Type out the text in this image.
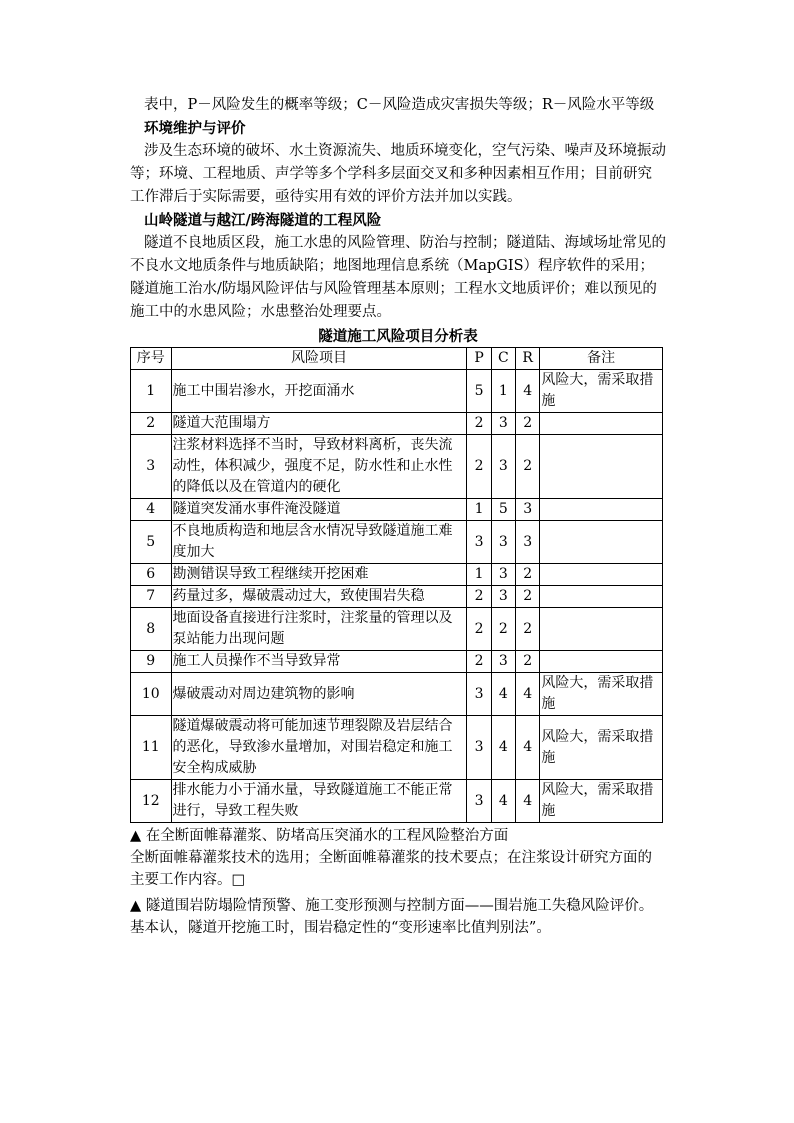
表中，P－风险发生的概率等级；C－风险造成灾害损失等级；R－风险水平等级

环境维护与评价

涉及生态环境的破坏、水土资源流失、地质环境变化，空气污染、噪声及环境振动等；环境、工程地质、声学等多个学科多层面交叉和多种因素相互作用；目前研究工作滞后于实际需要，亟待实用有效的评价方法并加以实践。

山岭隧道与越江/跨海隧道的工程风险

隧道不良地质区段，施工水患的风险管理、防治与控制；隧道陆、海域场址常见的不良水文地质条件与地质缺陷；地图地理信息系统（MapGIS）程序软件的采用；隧道施工治水/防塌风险评估与风险管理基本原则；工程水文地质评价；难以预见的施工中的水患风险；水患整治处理要点。

隧道施工风险项目分析表
序号	风险项目	P	C	R	备注
1	施工中围岩渗水，开挖面涌水	5	1	4	风险大，需采取措施
2	隧道大范围塌方	2	3	2	
3	注浆材料选择不当时，导致材料离析，丧失流动性，体积减少，强度不足，防水性和止水性的降低以及在管道内的硬化	2	3	2	
4	隧道突发涌水事件淹没隧道	1	5	3	
5	不良地质构造和地层含水情况导致隧道施工难度加大	3	3	3	
6	勘测错误导致工程继续开挖困难	1	3	2	
7	药量过多，爆破震动过大，致使围岩失稳	2	3	2	
8	地面设备直接进行注浆时，注浆量的管理以及泵站能力出现问题	2	2	2	
9	施工人员操作不当导致异常	2	3	2	
10	爆破震动对周边建筑物的影响	3	4	4	风险大，需采取措施
11	隧道爆破震动将可能加速节理裂隙及岩层结合的恶化，导致渗水量增加，对围岩稳定和施工安全构成威胁	3	4	4	风险大，需采取措施
12	排水能力小于涌水量，导致隧道施工不能正常进行，导致工程失败	3	4	4	风险大，需采取措施

▲ 在全断面帷幕灌浆、防堵高压突涌水的工程风险整治方面

全断面帷幕灌浆技术的选用；全断面帷幕灌浆的技术要点；在注浆设计研究方面的主要工作内容。□

▲ 隧道围岩防塌险情预警、施工变形预测与控制方面——围岩施工失稳风险评价。基本认，隧道开挖施工时，围岩稳定性的“变形速率比值判别法”。
